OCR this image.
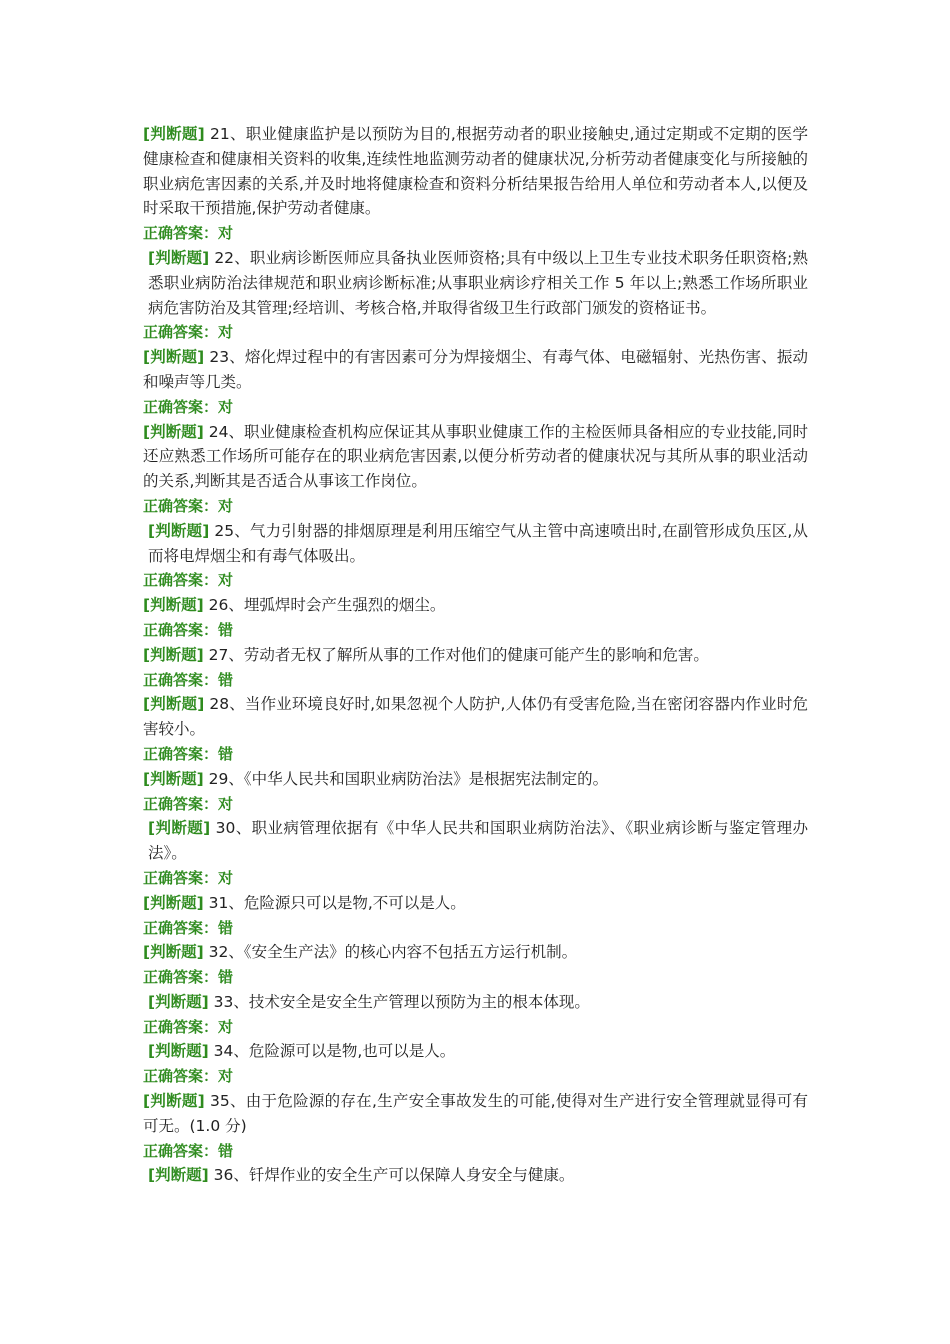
[判断题] 21、职业健康监护是以预防为目的,根据劳动者的职业接触史,通过定期或不定期的医学健康检查和健康相关资料的收集,连续性地监测劳动者的健康状况,分析劳动者健康变化与所接触的职业病危害因素的关系,并及时地将健康检查和资料分析结果报告给用人单位和劳动者本人,以便及时采取干预措施,保护劳动者健康。

正确答案：对

[判断题] 22、职业病诊断医师应具备执业医师资格;具有中级以上卫生专业技术职务任职资格;熟悉职业病防治法律规范和职业病诊断标准;从事职业病诊疗相关工作 5 年以上;熟悉工作场所职业病危害防治及其管理;经培训、考核合格,并取得省级卫生行政部门颁发的资格证书。

正确答案：对

[判断题] 23、熔化焊过程中的有害因素可分为焊接烟尘、有毒气体、电磁辐射、光热伤害、振动和噪声等几类。

正确答案：对

[判断题] 24、职业健康检查机构应保证其从事职业健康工作的主检医师具备相应的专业技能,同时还应熟悉工作场所可能存在的职业病危害因素,以便分析劳动者的健康状况与其所从事的职业活动的关系,判断其是否适合从事该工作岗位。

正确答案：对

[判断题] 25、气力引射器的排烟原理是利用压缩空气从主管中高速喷出时,在副管形成负压区,从而将电焊烟尘和有毒气体吸出。

正确答案：对

[判断题] 26、埋弧焊时会产生强烈的烟尘。

正确答案：错

[判断题] 27、劳动者无权了解所从事的工作对他们的健康可能产生的影响和危害。

正确答案：错

[判断题] 28、当作业环境良好时,如果忽视个人防护,人体仍有受害危险,当在密闭容器内作业时危害较小。

正确答案：错

[判断题] 29、《中华人民共和国职业病防治法》是根据宪法制定的。

正确答案：对

[判断题] 30、职业病管理依据有《中华人民共和国职业病防治法》、《职业病诊断与鉴定管理办法》。

正确答案：对

[判断题] 31、危险源只可以是物,不可以是人。

正确答案：错

[判断题] 32、《安全生产法》的核心内容不包括五方运行机制。

正确答案：错

[判断题] 33、技术安全是安全生产管理以预防为主的根本体现。

正确答案：对

[判断题] 34、危险源可以是物,也可以是人。

正确答案：对

[判断题] 35、由于危险源的存在,生产安全事故发生的可能,使得对生产进行安全管理就显得可有可无。(1.0 分)

正确答案：错

[判断题] 36、钎焊作业的安全生产可以保障人身安全与健康。
